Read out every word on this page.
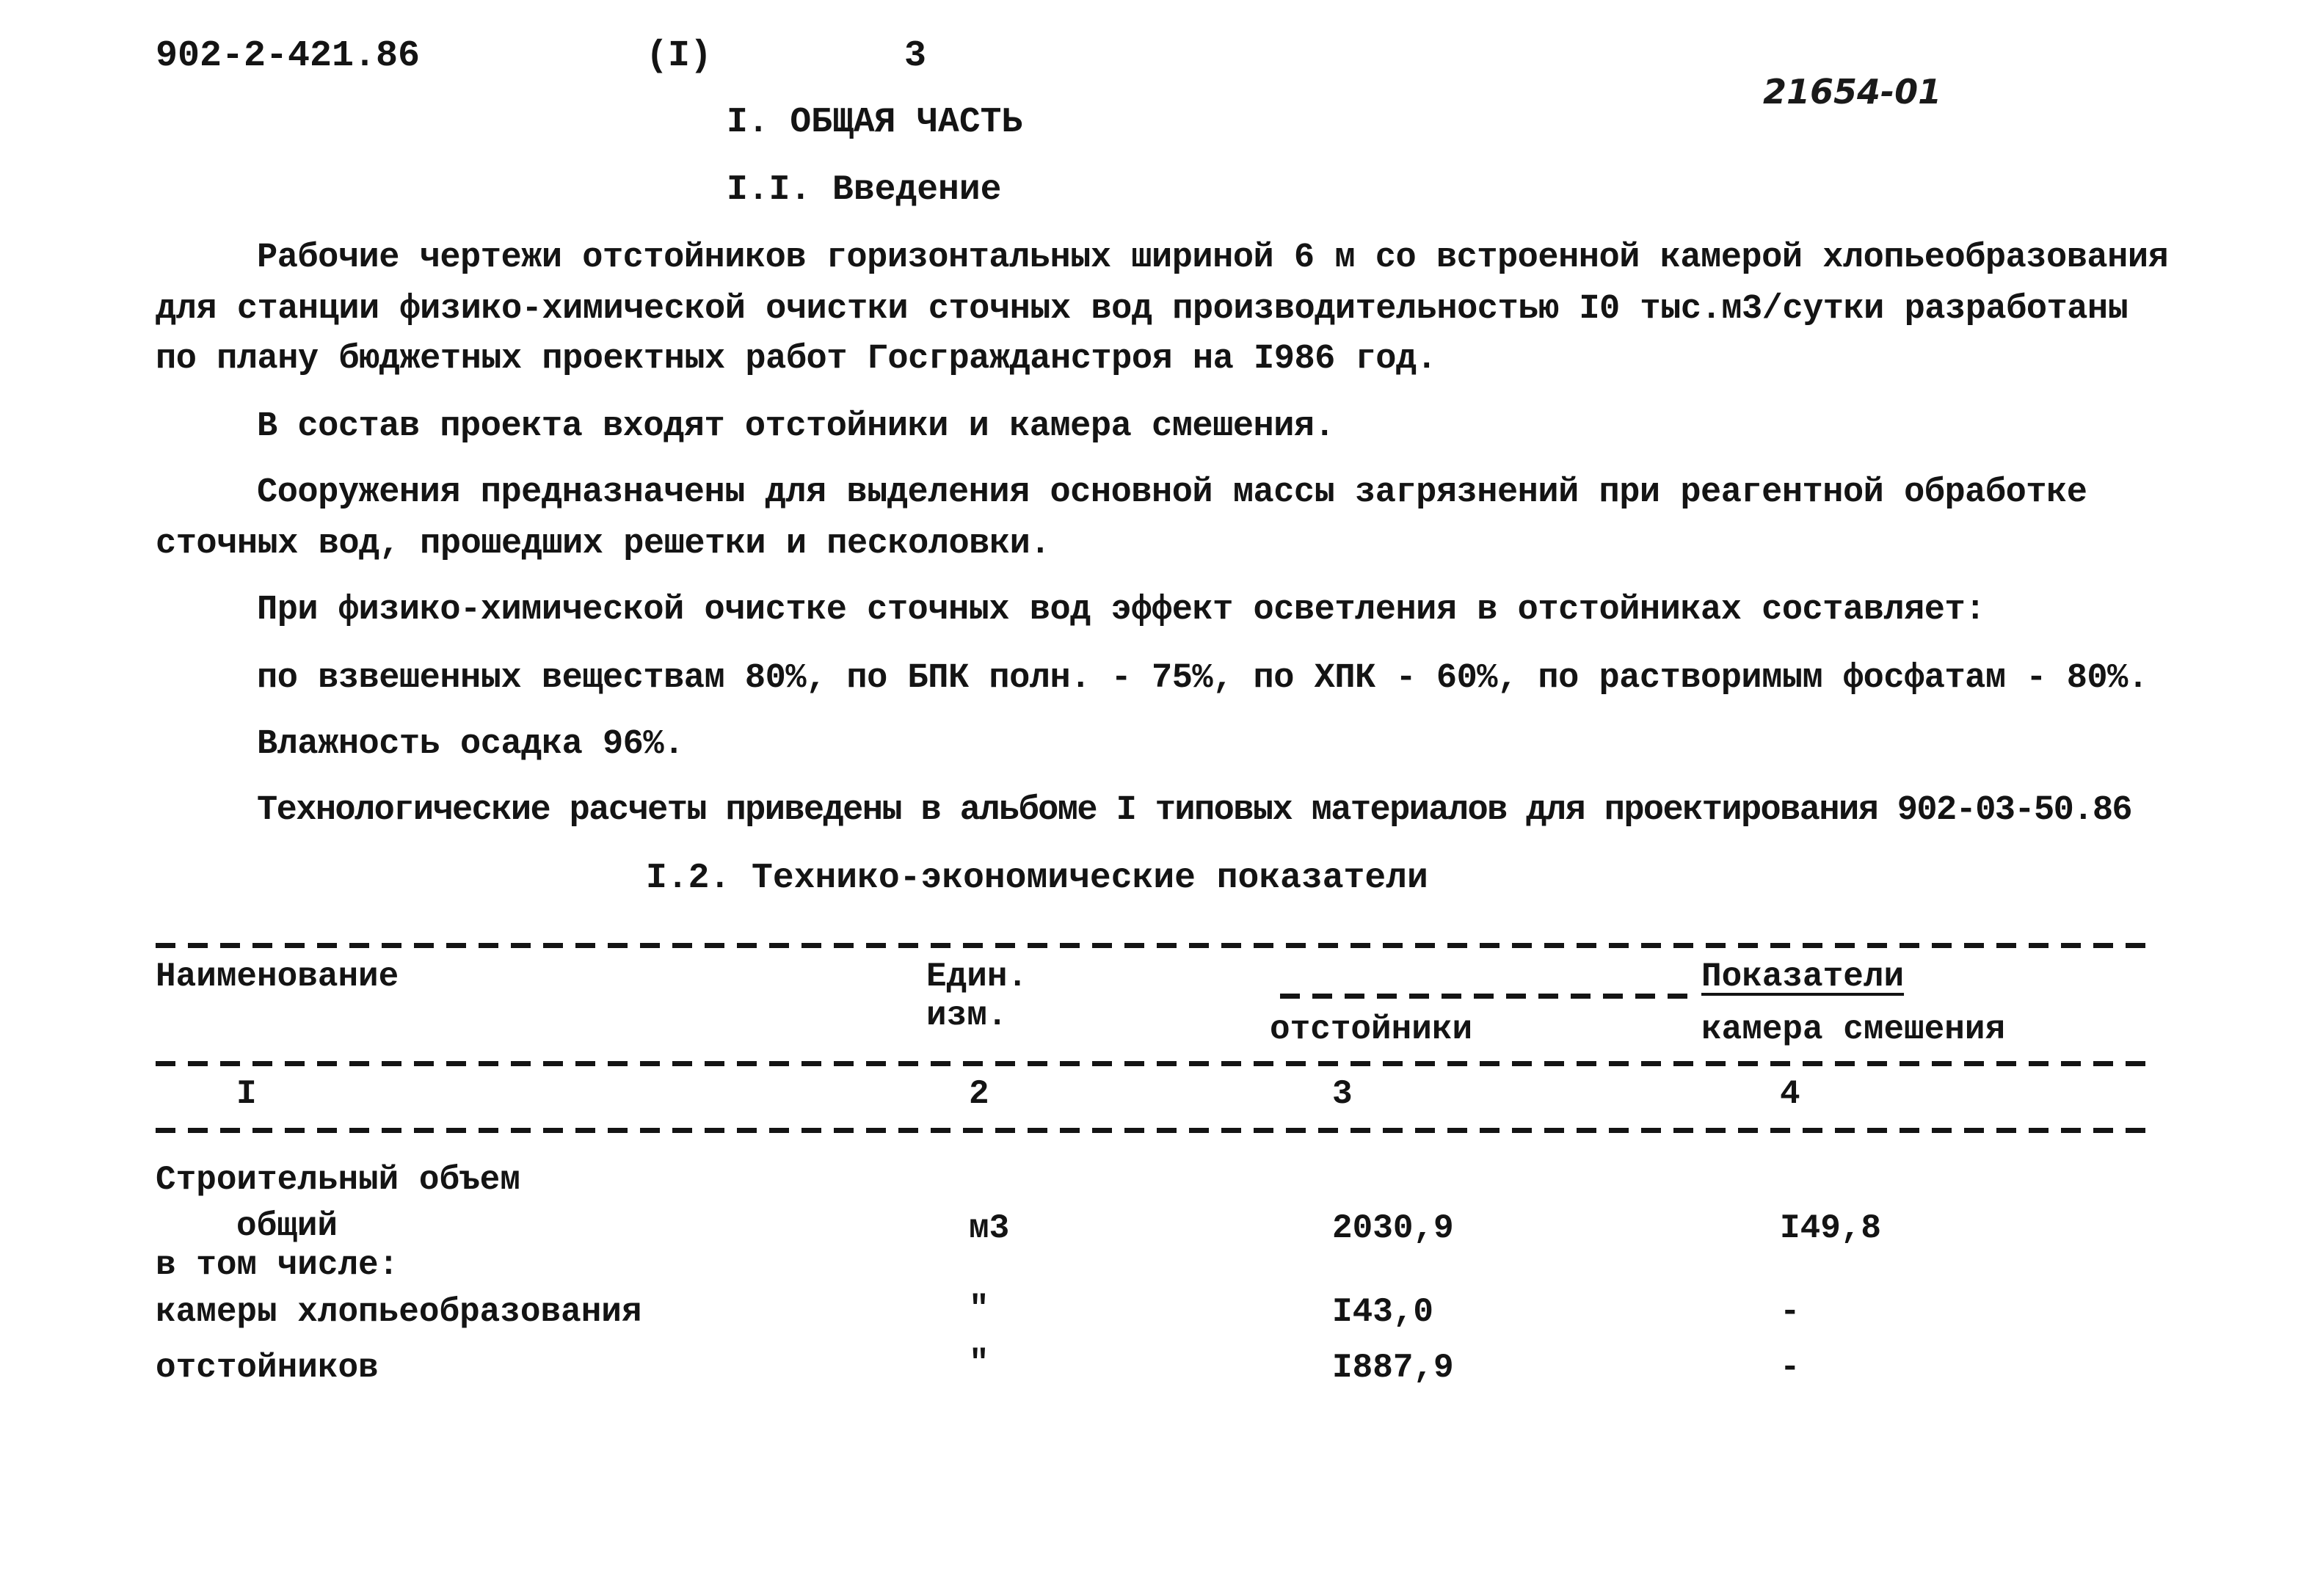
902-2-421.86	(I)	3
21654-01
I. ОБЩАЯ ЧАСТЬ
I.I. Введение
Рабочие чертежи отстойников горизонтальных шириной 6 м со встроенной камерой хлопьеобразования
для станции физико-химической очистки сточных вод производительностью I0 тыс.м3/сутки разработаны
по плану бюджетных проектных работ Госгражданстроя на I986 год.
В состав проекта входят отстойники и камера смешения.
Сооружения предназначены для выделения основной массы загрязнений при реагентной обработке
сточных вод, прошедших решетки и песколовки.
При физико-химической очистке сточных вод эффект осветления в отстойниках составляет:
по взвешенных веществам 80%, по БПК полн. - 75%, по ХПК - 60%, по растворимым фосфатам - 80%.
Влажность осадка 96%.
Технологические расчеты приведены в альбоме I типовых материалов для проектирования 902-03-50.86
I.2. Технико-экономические показатели
Наименование	Един.
изм.
Показатели
отстойники	камера смешения
I	2	3	4
Строительный объем
общий	м3	2030,9	I49,8
в том числе:
камеры хлопьеобразования	"	I43,0	-
отстойников	"	I887,9	-
